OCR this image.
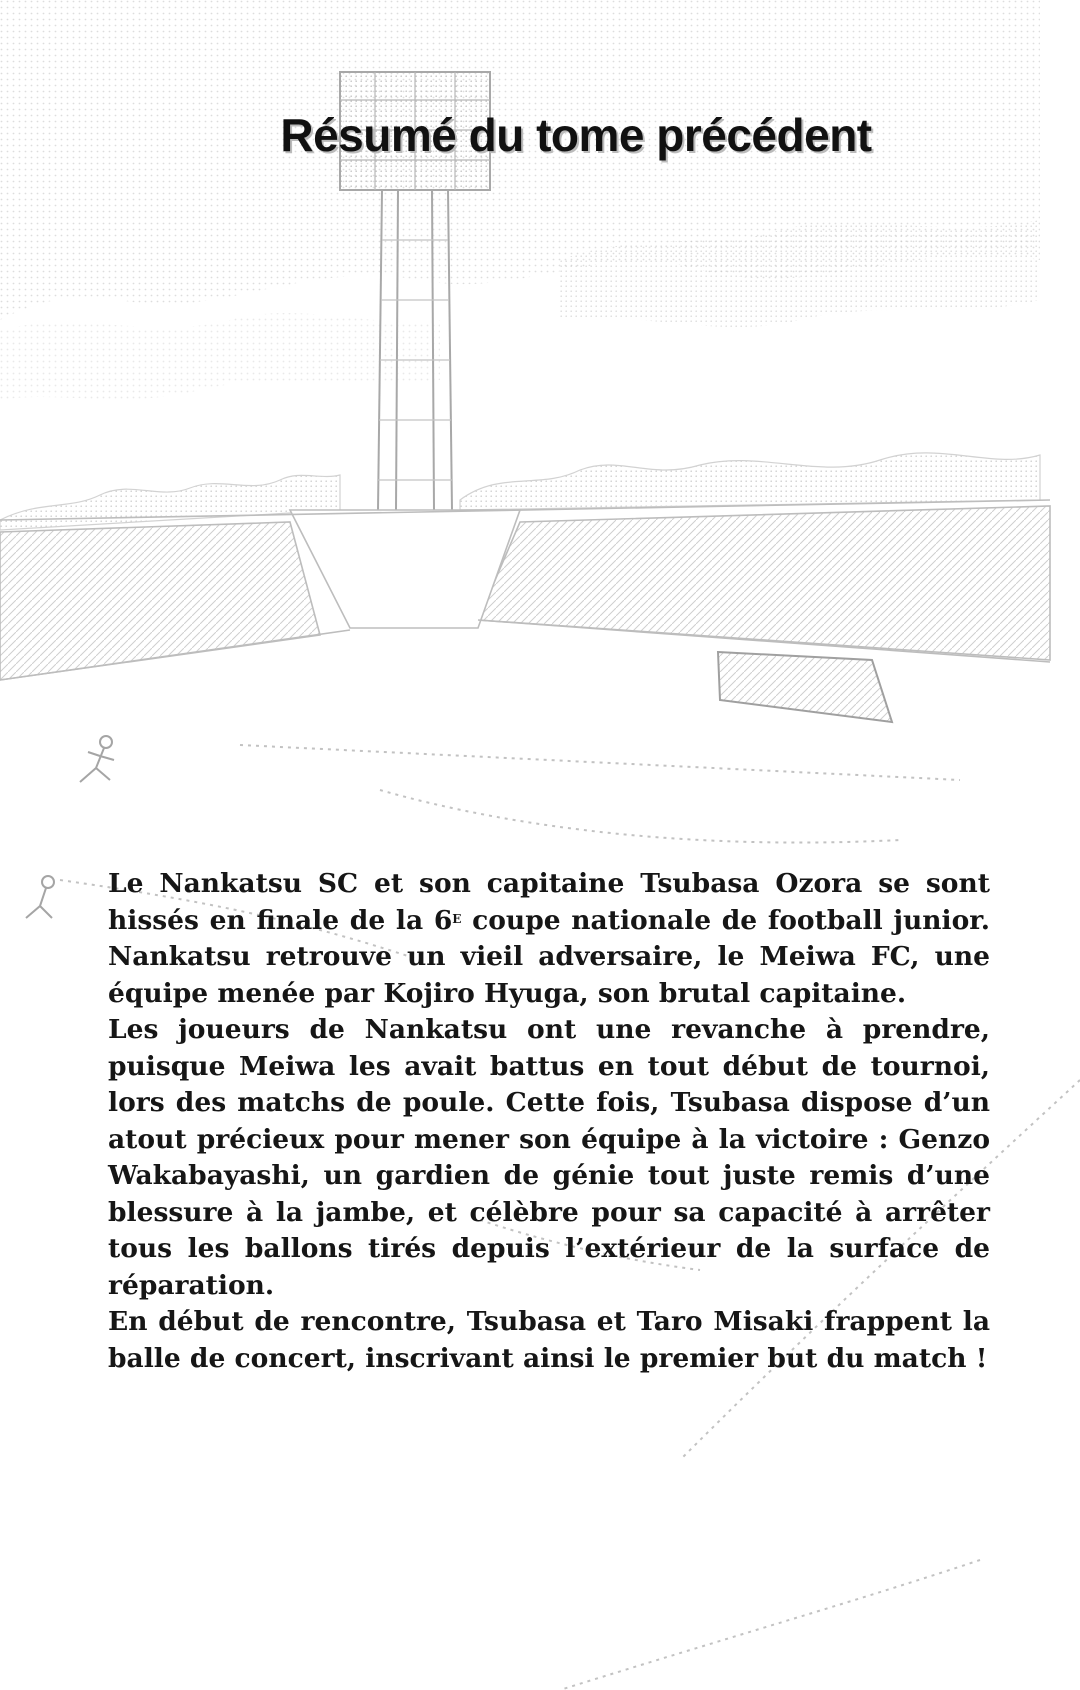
Résumé du tome précédent

Le Nankatsu SC et son capitaine Tsubasa Ozora se sont hissés en finale de la $6^E$ coupe nationale de football junior. Nankatsu retrouve un vieil adversaire, le Meiwa FC, une équipe menée par Kojiro Hyuga, son brutal capitaine.

Les joueurs de Nankatsu ont une revanche à prendre, puisque Meiwa les avait battus en tout début de tournoi, lors des matchs de poule. Cette fois, Tsubasa dispose d’un atout précieux pour mener son équipe à la victoire : Genzo Wakabayashi, un gardien de génie tout juste remis d’une blessure à la jambe, et célèbre pour sa capacité à arrêter tous les ballons tirés depuis l’extérieur de la surface de réparation.

En début de rencontre, Tsubasa et Taro Misaki frappent la balle de concert, inscrivant ainsi le premier but du match !
